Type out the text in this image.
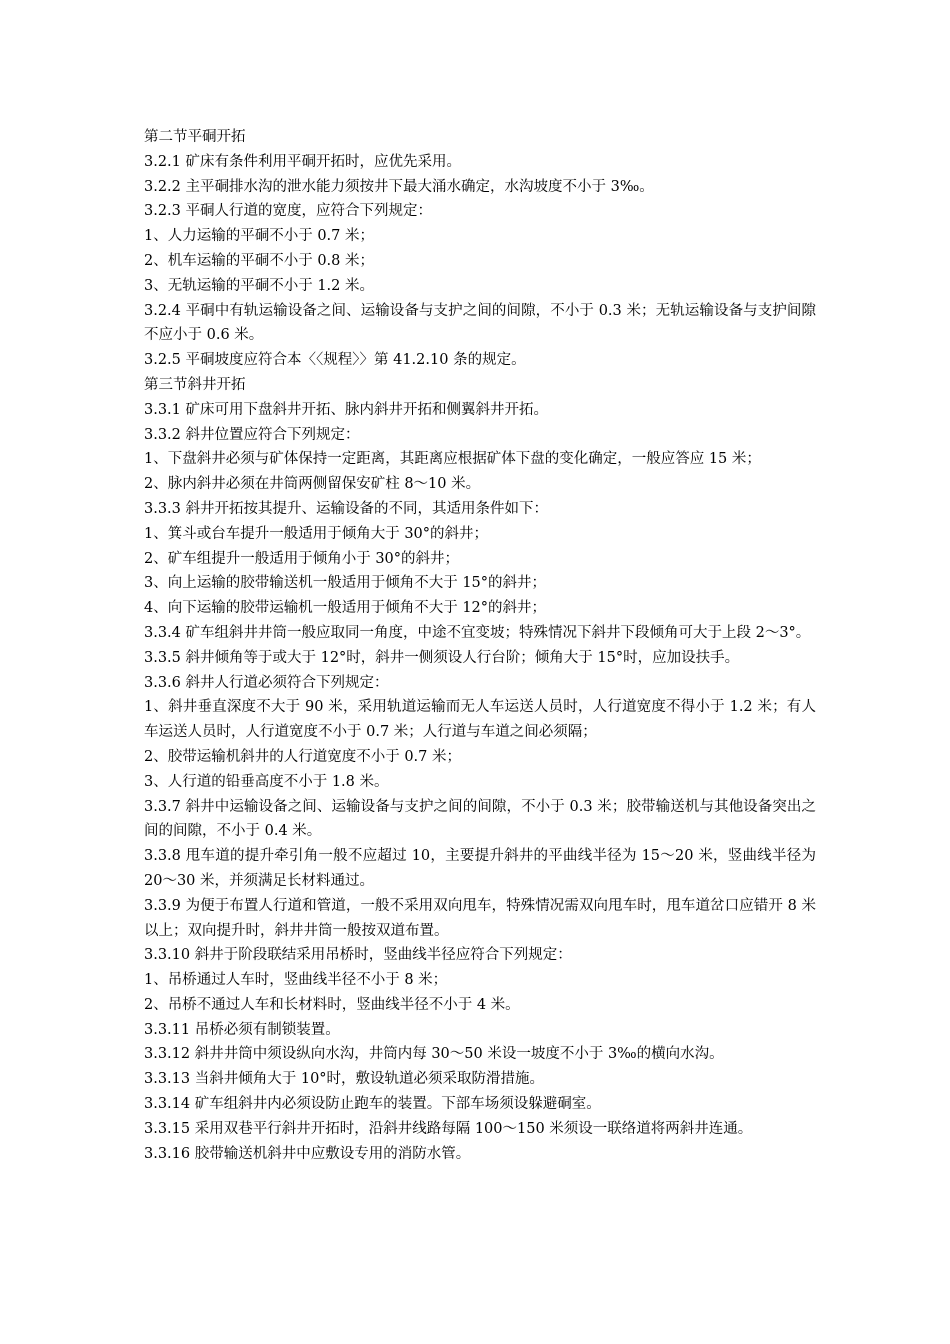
第二节平硐开拓

3.2.1 矿床有条件利用平硐开拓时，应优先采用。

3.2.2 主平硐排水沟的泄水能力须按井下最大涌水确定，水沟坡度不小于 3‰。

3.2.3 平硐人行道的宽度，应符合下列规定：

1、人力运输的平硐不小于 0.7 米；

2、机车运输的平硐不小于 0.8 米；

3、无轨运输的平硐不小于 1.2 米。

3.2.4 平硐中有轨运输设备之间、运输设备与支护之间的间隙，不小于 0.3 米；无轨运输设备与支护间隙不应小于 0.6 米。

3.2.5 平硐坡度应符合本〈〈规程〉〉第 41.2.10 条的规定。

第三节斜井开拓

3.3.1 矿床可用下盘斜井开拓、脉内斜井开拓和侧翼斜井开拓。

3.3.2 斜井位置应符合下列规定：

1、下盘斜井必须与矿体保持一定距离，其距离应根据矿体下盘的变化确定，一般应答应 15 米；

2、脉内斜井必须在井筒两侧留保安矿柱 8～10 米。

3.3.3 斜井开拓按其提升、运输设备的不同，其适用条件如下：

1、箕斗或台车提升一般适用于倾角大于 30°的斜井；

2、矿车组提升一般适用于倾角小于 30°的斜井；

3、向上运输的胶带输送机一般适用于倾角不大于 15°的斜井；

4、向下运输的胶带运输机一般适用于倾角不大于 12°的斜井；

3.3.4 矿车组斜井井筒一般应取同一角度，中途不宜变坡；特殊情况下斜井下段倾角可大于上段 2～3°。

3.3.5 斜井倾角等于或大于 12°时，斜井一侧须设人行台阶；倾角大于 15°时，应加设扶手。

3.3.6 斜井人行道必须符合下列规定：

1、斜井垂直深度不大于 90 米，采用轨道运输而无人车运送人员时，人行道宽度不得小于 1.2 米；有人车运送人员时，人行道宽度不小于 0.7 米；人行道与车道之间必须隔；

2、胶带运输机斜井的人行道宽度不小于 0.7 米；

3、人行道的铅垂高度不小于 1.8 米。

3.3.7 斜井中运输设备之间、运输设备与支护之间的间隙，不小于 0.3 米；胶带输送机与其他设备突出之间的间隙，不小于 0.4 米。

3.3.8 甩车道的提升牵引角一般不应超过 10，主要提升斜井的平曲线半径为 15～20 米，竖曲线半径为 20～30 米，并须满足长材料通过。

3.3.9 为便于布置人行道和管道，一般不采用双向甩车，特殊情况需双向甩车时，甩车道岔口应错开 8 米以上；双向提升时，斜井井筒一般按双道布置。

3.3.10 斜井于阶段联结采用吊桥时，竖曲线半径应符合下列规定：

1、吊桥通过人车时，竖曲线半径不小于 8 米；

2、吊桥不通过人车和长材料时，竖曲线半径不小于 4 米。

3.3.11 吊桥必须有制锁装置。

3.3.12 斜井井筒中须设纵向水沟，井筒内每 30～50 米设一坡度不小于 3‰的横向水沟。

3.3.13 当斜井倾角大于 10°时，敷设轨道必须采取防滑措施。

3.3.14 矿车组斜井内必须设防止跑车的装置。下部车场须设躲避硐室。

3.3.15 采用双巷平行斜井开拓时，沿斜井线路每隔 100～150 米须设一联络道将两斜井连通。

3.3.16 胶带输送机斜井中应敷设专用的消防水管。
